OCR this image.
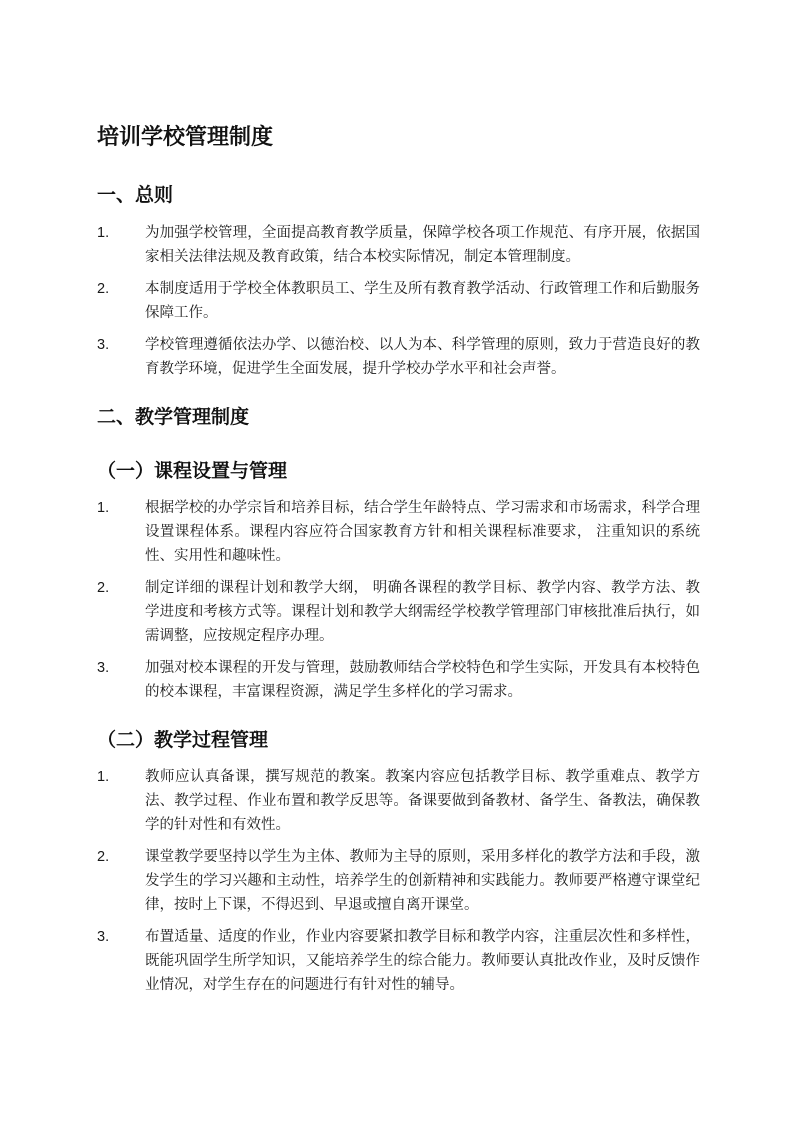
培训学校管理制度
一、总则
1.	为加强学校管理，全面提高教育教学质量，保障学校各项工作规范、有序开展，依据国家相关法律法规及教育政策，结合本校实际情况，制定本管理制度。
2.	本制度适用于学校全体教职员工、学生及所有教育教学活动、行政管理工作和后勤服务保障工作。
3.	学校管理遵循依法办学、以德治校、以人为本、科学管理的原则，致力于营造良好的教育教学环境，促进学生全面发展，提升学校办学水平和社会声誉。
二、教学管理制度
（一）课程设置与管理
1.	根据学校的办学宗旨和培养目标，结合学生年龄特点、学习需求和市场需求，科学合理设置课程体系。课程内容应符合国家教育方针和相关课程标准要求， 注重知识的系统性、实用性和趣味性。
2.	制定详细的课程计划和教学大纲， 明确各课程的教学目标、教学内容、教学方法、教学进度和考核方式等。课程计划和教学大纲需经学校教学管理部门审核批准后执行，如需调整，应按规定程序办理。
3.	加强对校本课程的开发与管理，鼓励教师结合学校特色和学生实际，开发具有本校特色的校本课程，丰富课程资源，满足学生多样化的学习需求。
（二）教学过程管理
1.	教师应认真备课，撰写规范的教案。教案内容应包括教学目标、教学重难点、教学方法、教学过程、作业布置和教学反思等。备课要做到备教材、备学生、备教法，确保教学的针对性和有效性。
2.	课堂教学要坚持以学生为主体、教师为主导的原则，采用多样化的教学方法和手段，激发学生的学习兴趣和主动性，培养学生的创新精神和实践能力。教师要严格遵守课堂纪律，按时上下课，不得迟到、早退或擅自离开课堂。
3.	布置适量、适度的作业，作业内容要紧扣教学目标和教学内容，注重层次性和多样性，既能巩固学生所学知识，又能培养学生的综合能力。教师要认真批改作业，及时反馈作业情况，对学生存在的问题进行有针对性的辅导。
